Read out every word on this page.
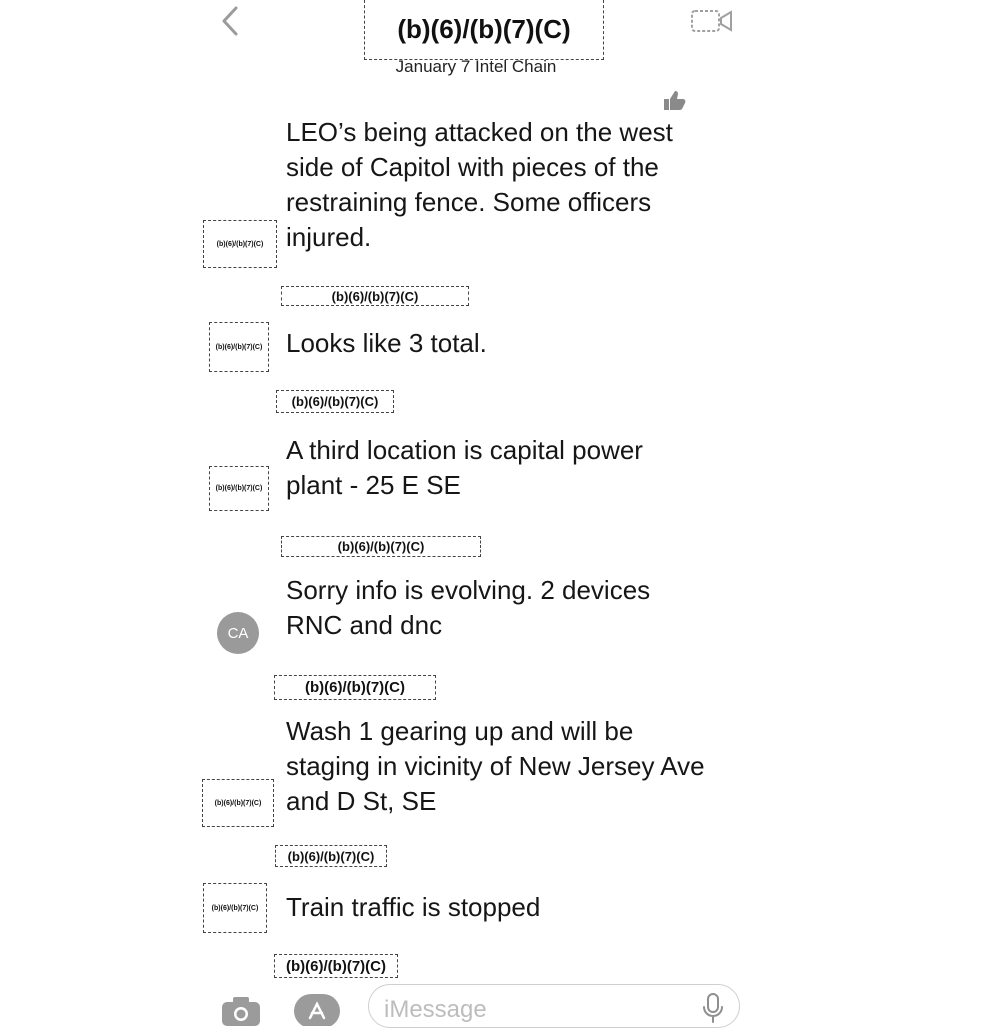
(b)(6)/(b)(7)(C)
January 7 Intel Chain
LEO’s being attacked on the west side of Capitol with pieces of the restraining fence. Some officers injured.
(b)(6)/(b)(7)(C)
(b)(6)/(b)(7)(C)
Looks like 3 total.
(b)(6)/(b)(7)(C)
(b)(6)/(b)(7)(C)
A third location is capital power plant - 25 E SE
(b)(6)/(b)(7)(C)
(b)(6)/(b)(7)(C)
Sorry info is evolving. 2 devices RNC and dnc
CA
(b)(6)/(b)(7)(C)
Wash 1 gearing up and will be staging in vicinity of New Jersey Ave and D St, SE
(b)(6)/(b)(7)(C)
(b)(6)/(b)(7)(C)
Train traffic is stopped
(b)(6)/(b)(7)(C)
(b)(6)/(b)(7)(C)
iMessage
